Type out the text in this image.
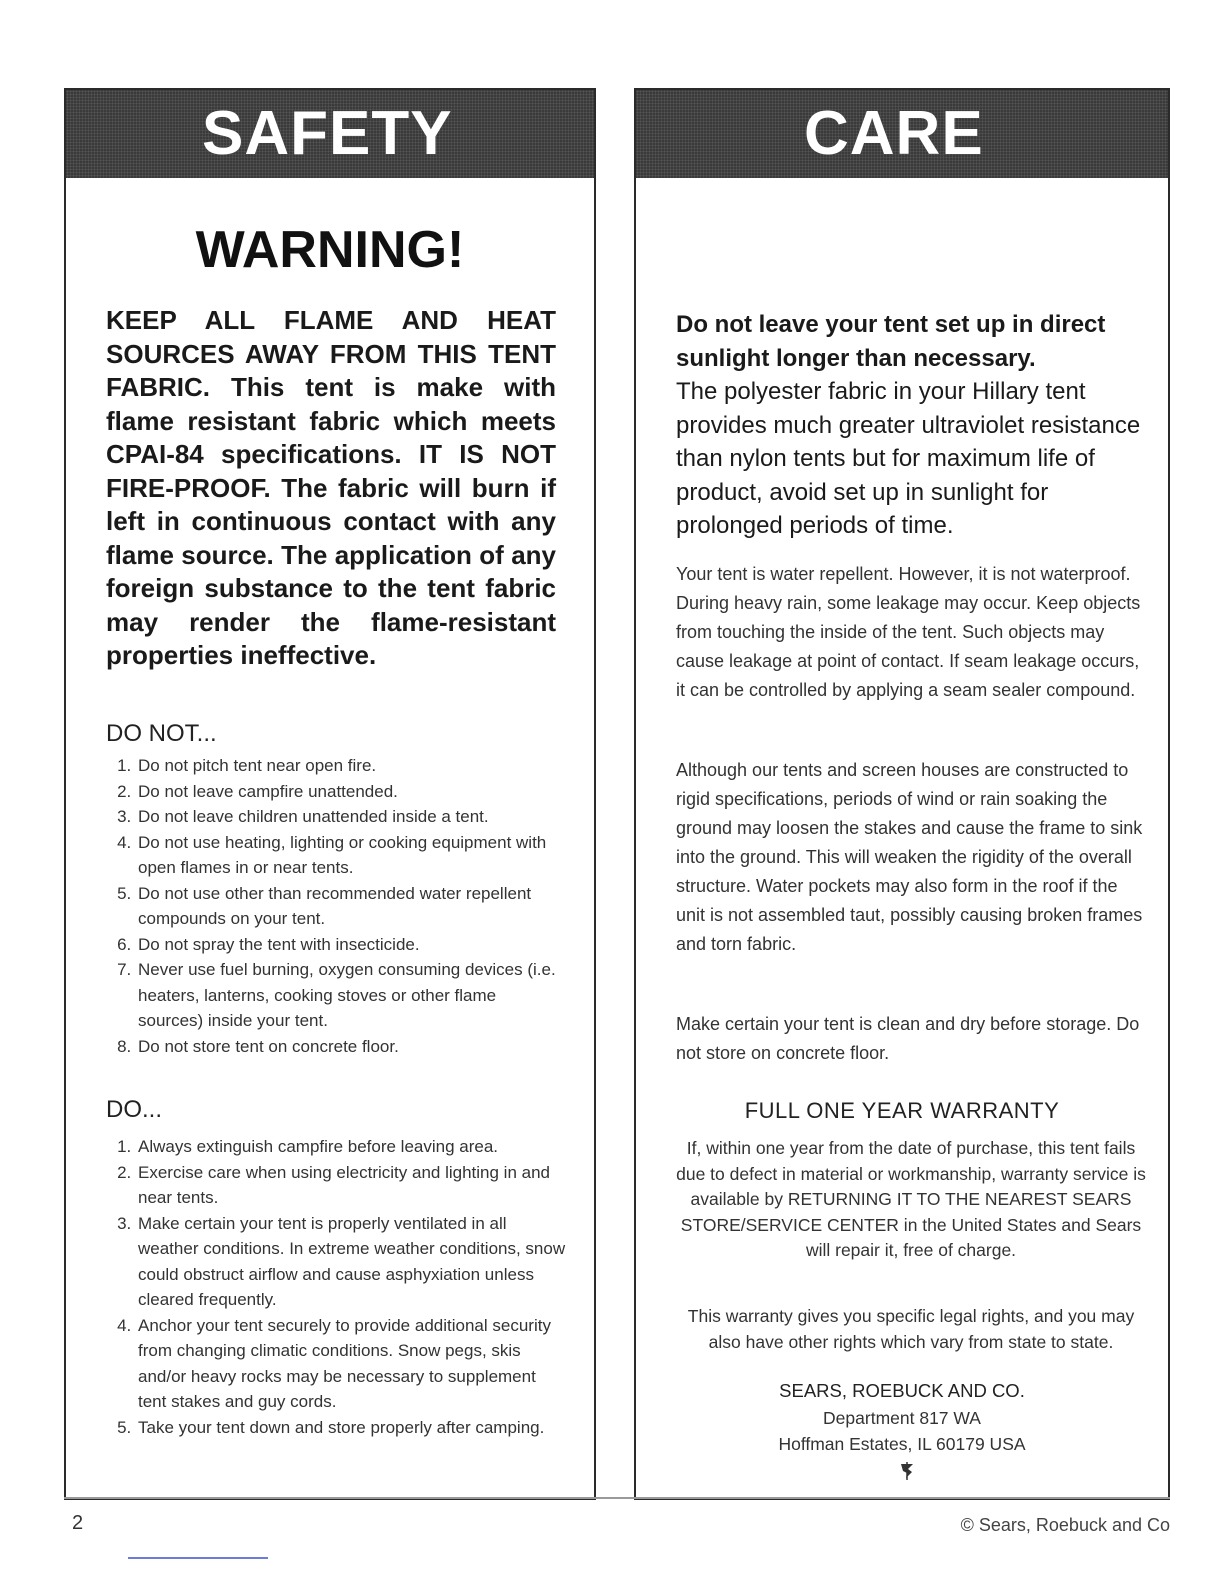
SAFETY
WARNING!

KEEP ALL FLAME AND HEAT SOURCES AWAY FROM THIS TENT FABRIC. This tent is make with flame resistant fabric which meets CPAI-84 specifications. IT IS NOT FIRE-PROOF. The fabric will burn if left in continuous contact with any flame source. The application of any foreign substance to the tent fabric may render the flame-resistant properties ineffective.

DO NOT...
1. Do not pitch tent near open fire.
2. Do not leave campfire unattended.
3. Do not leave children unattended inside a tent.
4. Do not use heating, lighting or cooking equipment with open flames in or near tents.
5. Do not use other than recommended water repellent compounds on your tent.
6. Do not spray the tent with insecticide.
7. Never use fuel burning, oxygen consuming devices (i.e. heaters, lanterns, cooking stoves or other flame sources) inside your tent.
8. Do not store tent on concrete floor.
DO...
1. Always extinguish campfire before leaving area.
2. Exercise care when using electricity and lighting in and near tents.
3. Make certain your tent is properly ventilated in all weather conditions. In extreme weather conditions, snow could obstruct airflow and cause asphyxiation unless cleared frequently.
4. Anchor your tent securely to provide additional security from changing climatic conditions. Snow pegs, skis and/or heavy rocks may be necessary to supplement tent stakes and guy cords.
5. Take your tent down and store properly after camping.
CARE

Do not leave your tent set up in direct sunlight longer than necessary.
The polyester fabric in your Hillary tent provides much greater ultraviolet resistance than nylon tents but for maximum life of product, avoid set up in sunlight for prolonged periods of time.

Your tent is water repellent. However, it is not waterproof. During heavy rain, some leakage may occur. Keep objects from touching the inside of the tent. Such objects may cause leakage at point of contact. If seam leakage occurs, it can be controlled by applying a seam sealer compound.

Although our tents and screen houses are constructed to rigid specifications, periods of wind or rain soaking the ground may loosen the stakes and cause the frame to sink into the ground. This will weaken the rigidity of the overall structure. Water pockets may also form in the roof if the unit is not assembled taut, possibly causing broken frames and torn fabric.

Make certain your tent is clean and dry before storage. Do not store on concrete floor.

FULL ONE YEAR WARRANTY

If, within one year from the date of purchase, this tent fails due to defect in material or workmanship, warranty service is available by RETURNING IT TO THE NEAREST SEARS STORE/SERVICE CENTER in the United States and Sears will repair it, free of charge.

This warranty gives you specific legal rights, and you may also have other rights which vary from state to state.

SEARS, ROEBUCK AND CO.
Department 817 WA
Hoffman Estates, IL 60179 USA
2	© Sears, Roebuck and Co
